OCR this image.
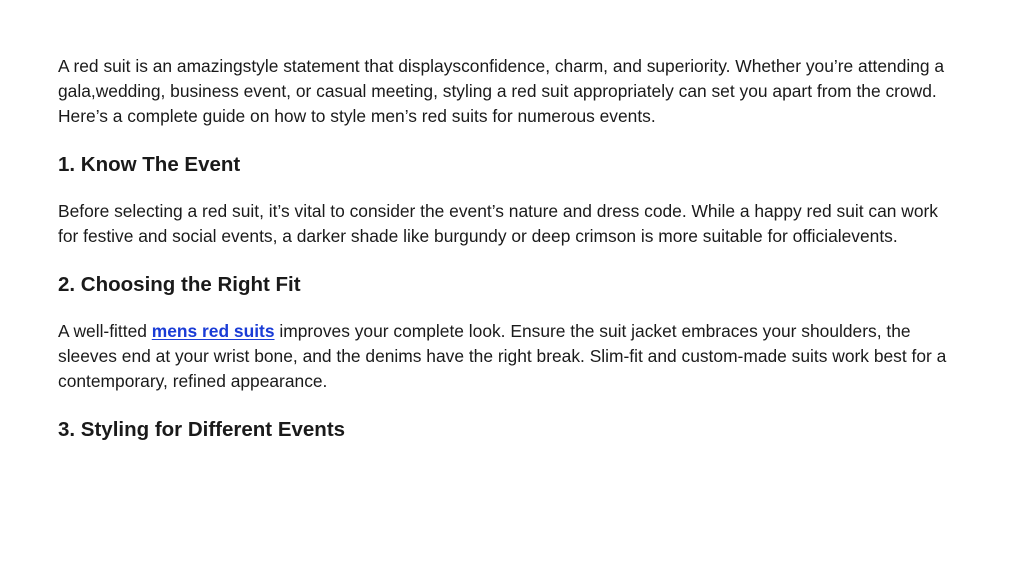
A red suit is an amazingstyle statement that displaysconfidence, charm, and superiority. Whether you’re attending a gala,wedding, business event, or casual meeting, styling a red suit appropriately can set you apart from the crowd. Here’s a complete guide on how to style men’s red suits for numerous events.

1. Know The Event

Before selecting a red suit, it’s vital to consider the event’s nature and dress code. While a happy red suit can work for festive and social events, a darker shade like burgundy or deep crimson is more suitable for officialevents.

2. Choosing the Right Fit

A well-fitted mens red suits improves your complete look. Ensure the suit jacket embraces your shoulders, the sleeves end at your wrist bone, and the denims have the right break. Slim-fit and custom-made suits work best for a contemporary, refined appearance.

3. Styling for Different Events
